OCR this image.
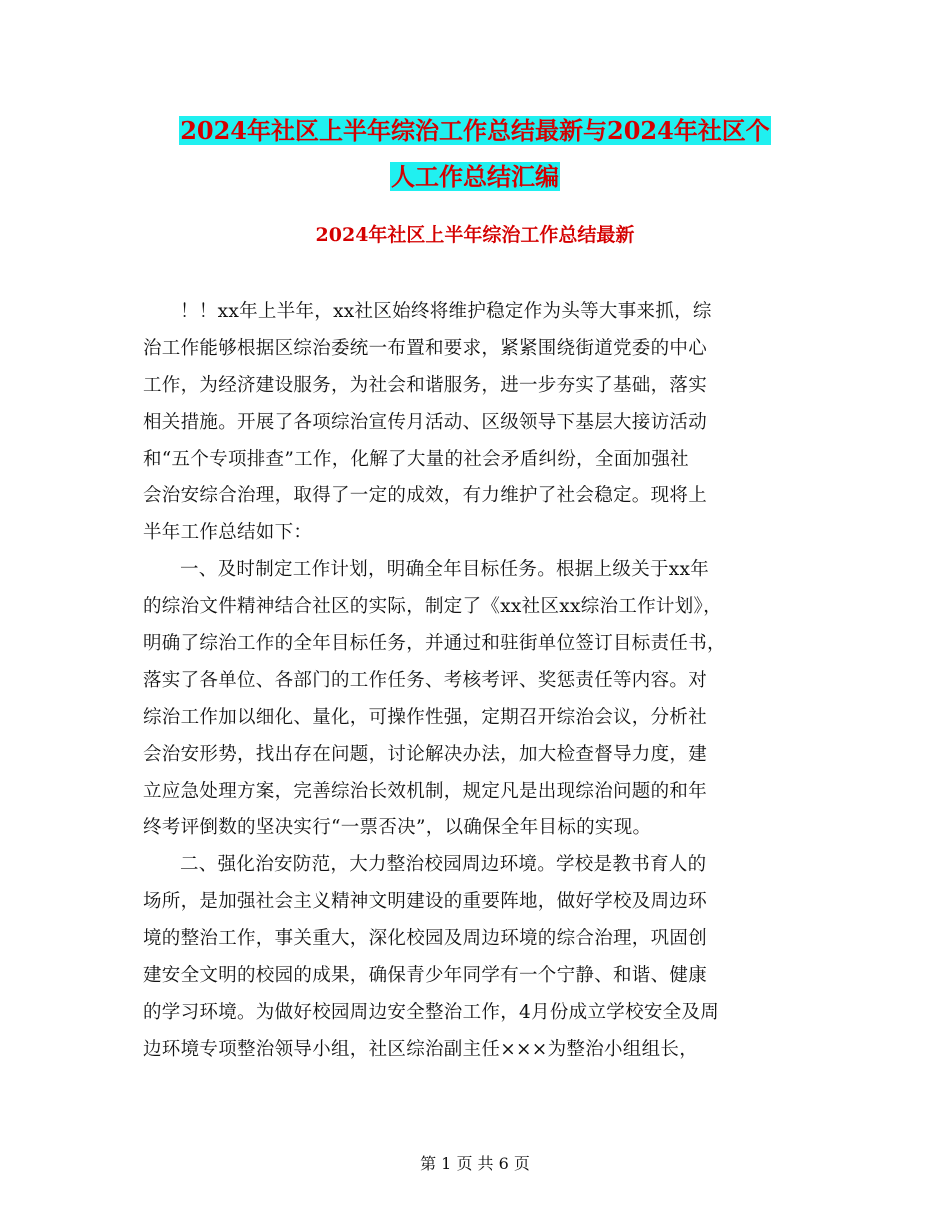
2024年社区上半年综治工作总结最新与2024年社区个
人工作总结汇编
2024年社区上半年综治工作总结最新
！！xx年上半年，xx社区始终将维护稳定作为头等大事来抓，综
治工作能够根据区综治委统一布置和要求，紧紧围绕街道党委的中心
工作，为经济建设服务，为社会和谐服务，进一步夯实了基础，落实
相关措施。开展了各项综治宣传月活动、区级领导下基层大接访活动
和“五个专项排查”工作，化解了大量的社会矛盾纠纷，全面加强社
会治安综合治理，取得了一定的成效，有力维护了社会稳定。现将上
半年工作总结如下：
一、及时制定工作计划，明确全年目标任务。根据上级关于xx年
的综治文件精神结合社区的实际，制定了《xx社区xx综治工作计划》，
明确了综治工作的全年目标任务，并通过和驻街单位签订目标责任书，
落实了各单位、各部门的工作任务、考核考评、奖惩责任等内容。对
综治工作加以细化、量化，可操作性强，定期召开综治会议，分析社
会治安形势，找出存在问题，讨论解决办法，加大检查督导力度，建
立应急处理方案，完善综治长效机制，规定凡是出现综治问题的和年
终考评倒数的坚决实行“一票否决”，以确保全年目标的实现。
二、强化治安防范，大力整治校园周边环境。学校是教书育人的
场所，是加强社会主义精神文明建设的重要阵地，做好学校及周边环
境的整治工作，事关重大，深化校园及周边环境的综合治理，巩固创
建安全文明的校园的成果，确保青少年同学有一个宁静、和谐、健康
的学习环境。为做好校园周边安全整治工作，4月份成立学校安全及周
边环境专项整治领导小组，社区综治副主任×××为整治小组组长，
第 1 页 共 6 页
